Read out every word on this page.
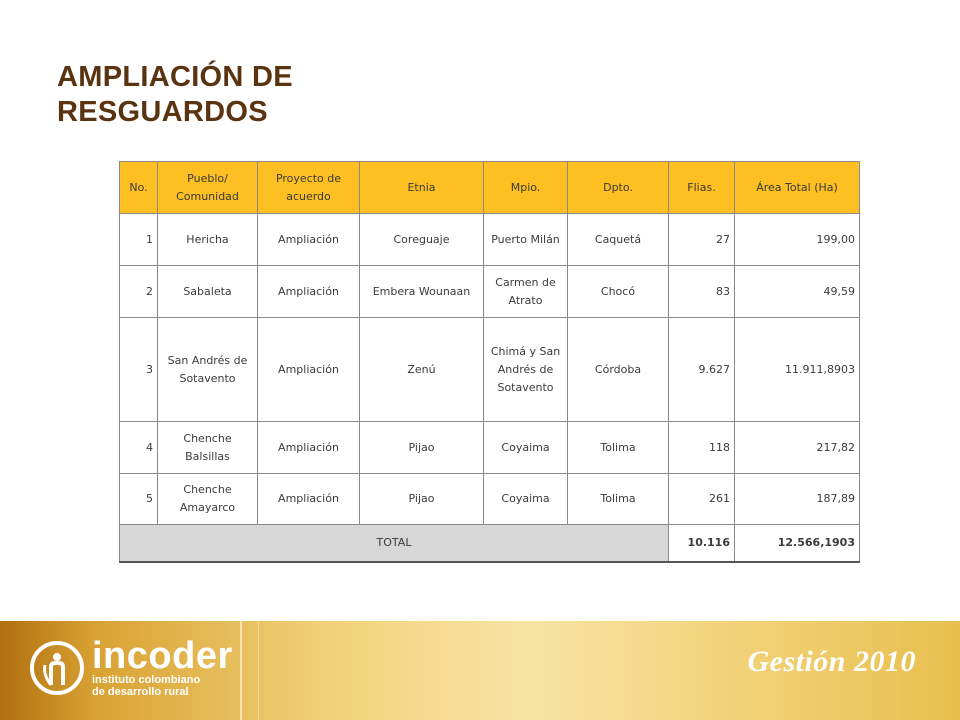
AMPLIACIÓN DE
RESGUARDOS
No.	Pueblo/ Comunidad	Proyecto de acuerdo	Etnia	Mpio.	Dpto.	Flias.	Área Total (Ha)
1	Hericha	Ampliación	Coreguaje	Puerto Milán	Caquetá	27	199,00
2	Sabaleta	Ampliación	Embera Wounaan	Carmen de Atrato	Chocó	83	49,59
3	San Andrés de Sotavento	Ampliación	Zenú	Chimá y San Andrés de Sotavento	Córdoba	9.627	11.911,8903
4	Chenche Balsillas	Ampliación	Pijao	Coyaima	Tolima	118	217,82
5	Chenche Amayarco	Ampliación	Pijao	Coyaima	Tolima	261	187,89
TOTAL						10.116	12.566,1903
incoder
instituto colombiano
de desarrollo rural
Gestión 2010
